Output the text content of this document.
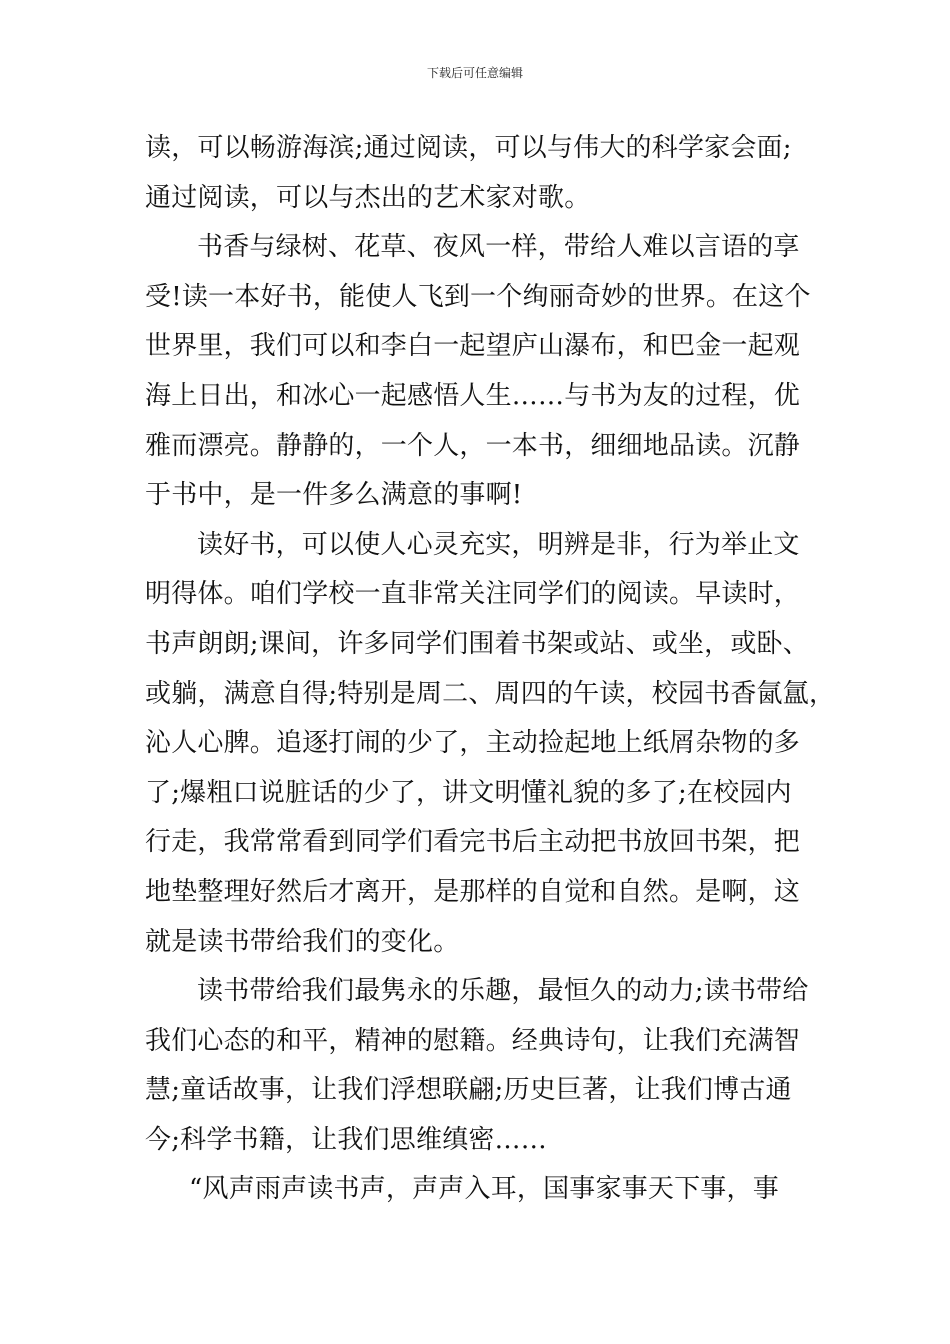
下载后可任意编辑
读，可以畅游海滨;通过阅读，可以与伟大的科学家会面;
通过阅读，可以与杰出的艺术家对歌。
书香与绿树、花草、夜风一样，带给人难以言语的享
受!读一本好书，能使人飞到一个绚丽奇妙的世界。在这个
世界里，我们可以和李白一起望庐山瀑布，和巴金一起观
海上日出，和冰心一起感悟人生……与书为友的过程，优
雅而漂亮。静静的，一个人，一本书，细细地品读。沉静
于书中，是一件多么满意的事啊!
读好书，可以使人心灵充实，明辨是非，行为举止文
明得体。咱们学校一直非常关注同学们的阅读。早读时，
书声朗朗;课间，许多同学们围着书架或站、或坐，或卧、
或躺，满意自得;特别是周二、周四的午读，校园书香氤氲，
沁人心脾。追逐打闹的少了，主动捡起地上纸屑杂物的多
了;爆粗口说脏话的少了，讲文明懂礼貌的多了;在校园内
行走，我常常看到同学们看完书后主动把书放回书架，把
地垫整理好然后才离开，是那样的自觉和自然。是啊，这
就是读书带给我们的变化。
读书带给我们最隽永的乐趣，最恒久的动力;读书带给
我们心态的和平，精神的慰籍。经典诗句，让我们充满智
慧;童话故事，让我们浮想联翩;历史巨著，让我们博古通
今;科学书籍，让我们思维缜密……
“风声雨声读书声，声声入耳，国事家事天下事，事
